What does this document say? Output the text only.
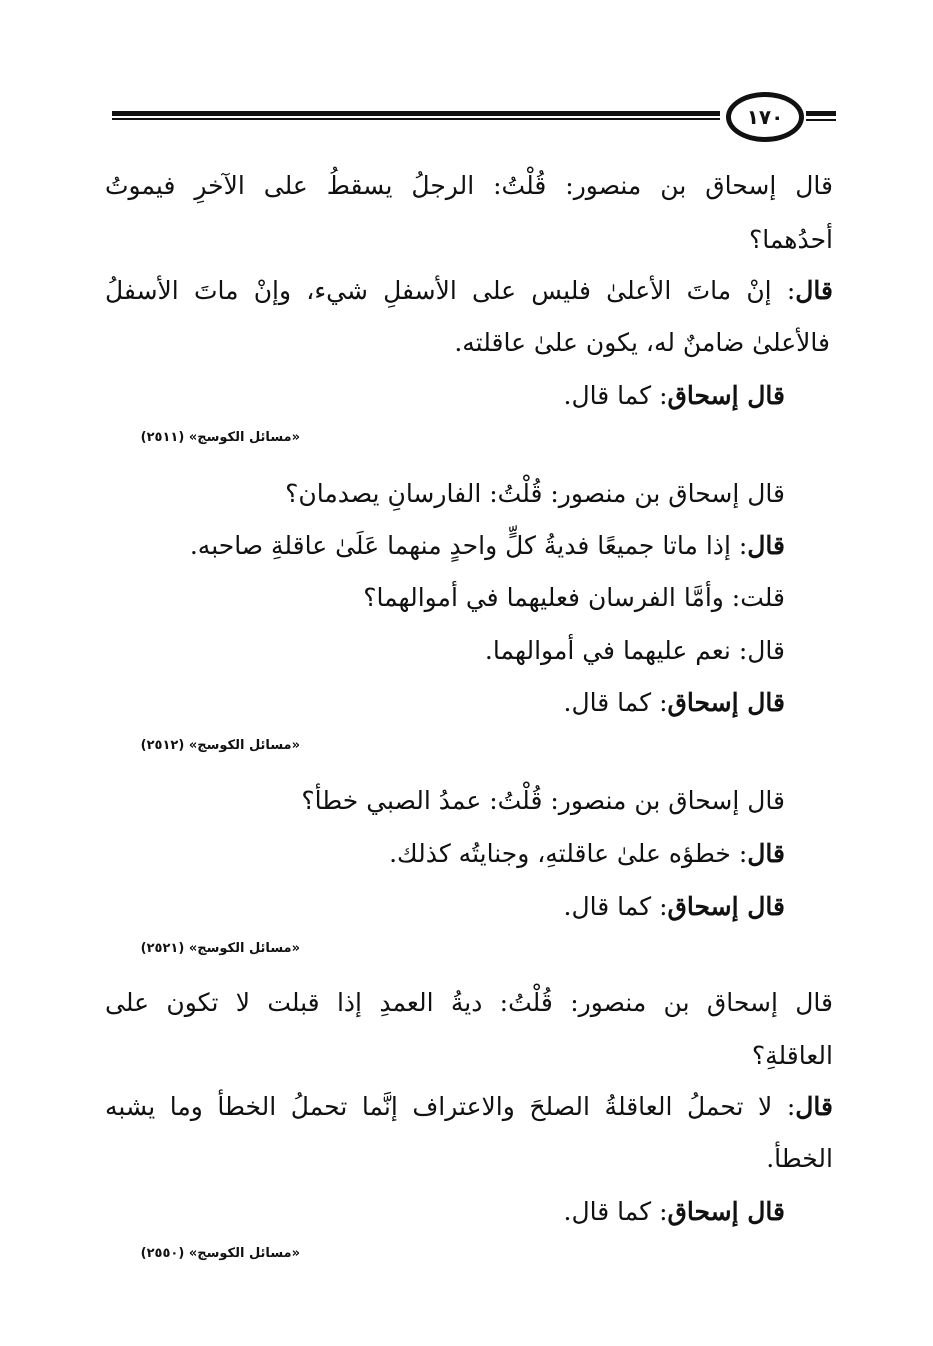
١٧٠
قال إسحاق بن منصور: قُلْتُ: الرجلُ يسقطُ على الآخرِ فيموتُ
أحدُهما؟
قال: إنْ ماتَ الأعلىٰ فليس على الأسفلِ شيء، وإنْ ماتَ الأسفلُ
فالأعلىٰ ضامنٌ له، يكون علىٰ عاقلته.
قال إسحاق: كما قال.
«مسائل الكوسج» (٢٥١١)
قال إسحاق بن منصور: قُلْتُ: الفارسانِ يصدمان؟
قال: إذا ماتا جميعًا فديةُ كلٍّ واحدٍ منهما عَلَىٰ عاقلةِ صاحبه.
قلت: وأمَّا الفرسان فعليهما في أموالهما؟
قال: نعم عليهما في أموالهما.
قال إسحاق: كما قال.
«مسائل الكوسج» (٢٥١٢)
قال إسحاق بن منصور: قُلْتُ: عمدُ الصبي خطأ؟
قال: خطؤه علىٰ عاقلتهِ، وجنايتُه كذلك.
قال إسحاق: كما قال.
«مسائل الكوسج» (٢٥٢١)
قال إسحاق بن منصور: قُلْتُ: ديةُ العمدِ إذا قبلت لا تكون على
العاقلةِ؟
قال: لا تحملُ العاقلةُ الصلحَ والاعتراف إنَّما تحملُ الخطأ وما يشبه
الخطأ.
قال إسحاق: كما قال.
«مسائل الكوسج» (٢٥٥٠)
